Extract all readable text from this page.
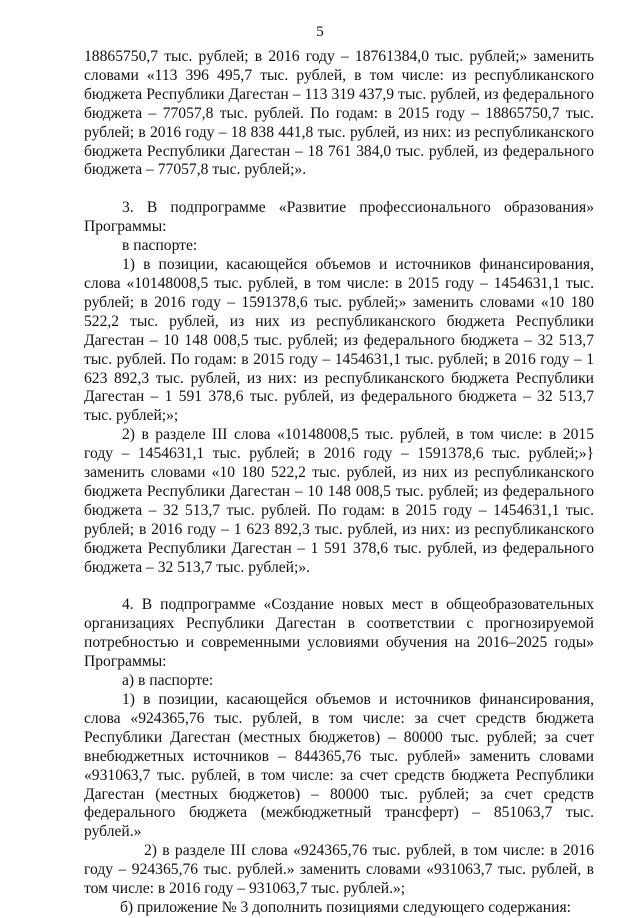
5

18865750,7 тыс. рублей; в 2016 году – 18761384,0 тыс. рублей;» заменить словами «113 396 495,7 тыс. рублей, в том числе: из республиканского бюджета Республики Дагестан – 113 319 437,9 тыс. рублей, из федерального бюджета – 77057,8 тыс. рублей. По годам: в 2015 году – 18865750,7 тыс. рублей; в 2016 году – 18 838 441,8 тыс. рублей, из них: из республиканского бюджета Республики Дагестан – 18 761 384,0 тыс. рублей, из федерального бюджета – 77057,8 тыс. рублей;».

3. В подпрограмме «Развитие профессионального образования» Программы:

в паспорте:

1) в позиции, касающейся объемов и источников финансирования, слова «10148008,5 тыс. рублей, в том числе: в 2015 году – 1454631,1 тыс. рублей; в 2016 году – 1591378,6 тыс. рублей;» заменить словами «10 180 522,2 тыс. рублей, из них из республиканского бюджета Республики Дагестан – 10 148 008,5 тыс. рублей; из федерального бюджета – 32 513,7 тыс. рублей. По годам: в 2015 году – 1454631,1 тыс. рублей; в 2016 году – 1 623 892,3 тыс. рублей, из них: из республиканского бюджета Республики Дагестан – 1 591 378,6 тыс. рублей, из федерального бюджета – 32 513,7 тыс. рублей;»;

2) в разделе III слова «10148008,5 тыс. рублей, в том числе: в 2015 году – 1454631,1 тыс. рублей; в 2016 году – 1591378,6 тыс. рублей;»} заменить словами «10 180 522,2 тыс. рублей, из них из республиканского бюджета Республики Дагестан – 10 148 008,5 тыс. рублей; из федерального бюджета – 32 513,7 тыс. рублей. По годам: в 2015 году – 1454631,1 тыс. рублей; в 2016 году – 1 623 892,3 тыс. рублей, из них: из республиканского бюджета Республики Дагестан – 1 591 378,6 тыс. рублей, из федерального бюджета – 32 513,7 тыс. рублей;».

4. В подпрограмме «Создание новых мест в общеобразовательных организациях Республики Дагестан в соответствии с прогнозируемой потребностью и современными условиями обучения на 2016–2025 годы» Программы:

а) в паспорте:

1) в позиции, касающейся объемов и источников финансирования, слова «924365,76 тыс. рублей, в том числе: за счет средств бюджета Республики Дагестан (местных бюджетов) – 80000 тыс. рублей; за счет внебюджетных источников – 844365,76 тыс. рублей» заменить словами «931063,7 тыс. рублей, в том числе: за счет средств бюджета Республики Дагестан (местных бюджетов) – 80000 тыс. рублей; за счет средств федерального бюджета (межбюджетный трансферт) – 851063,7 тыс. рублей.»

2) в разделе III слова «924365,76 тыс. рублей, в том числе: в 2016 году – 924365,76 тыс. рублей.» заменить словами «931063,7 тыс. рублей, в том числе: в 2016 году – 931063,7 тыс. рублей.»;

б) приложение № 3 дополнить позициями следующего содержания:
